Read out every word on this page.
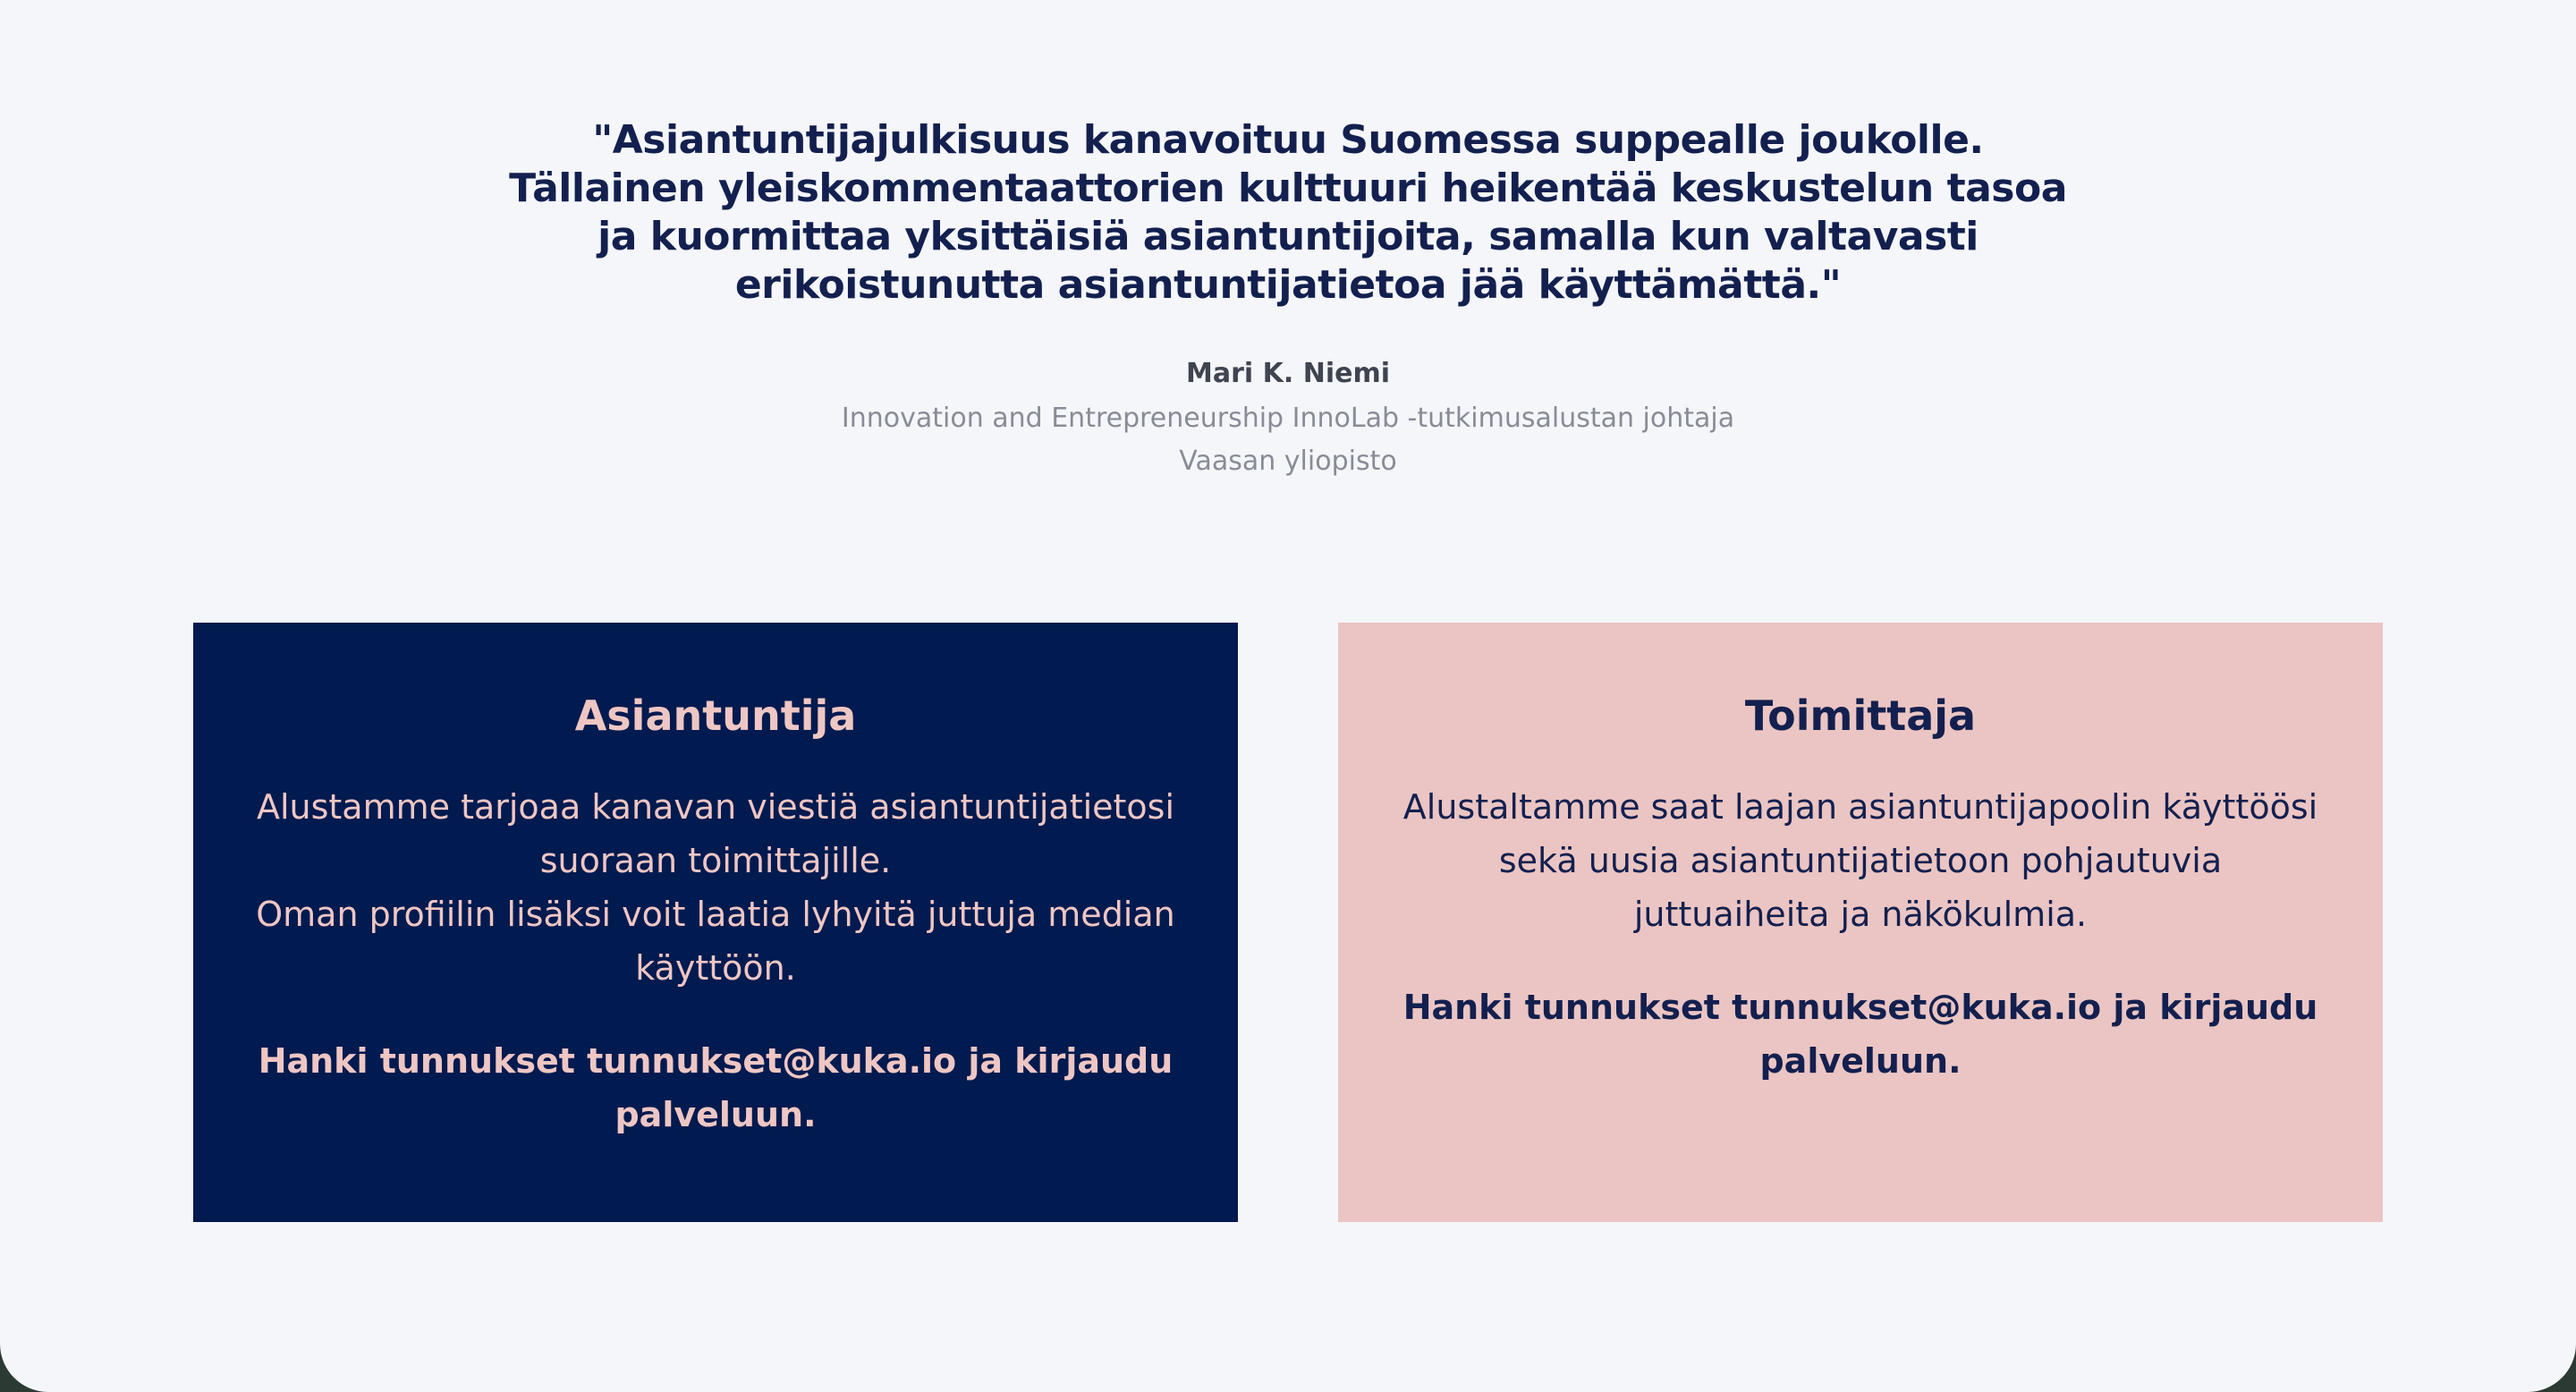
"Asiantuntijajulkisuus kanavoituu Suomessa suppealle joukolle. Tällainen yleiskommentaattorien kulttuuri heikentää keskustelun tasoa ja kuormittaa yksittäisiä asiantuntijoita, samalla kun valtavasti erikoistunutta asiantuntijatietoa jää käyttämättä."
Mari K. Niemi
Innovation and Entrepreneurship InnoLab -tutkimusalustan johtaja
Vaasan yliopisto
Asiantuntija

Alustamme tarjoaa kanavan viestiä asiantuntijatietosi suoraan toimittajille.

Oman profiilin lisäksi voit laatia lyhyitä juttuja median käyttöön.

Hanki tunnukset tunnukset@kuka.io ja kirjaudu palveluun.
Toimittaja

Alustaltamme saat laajan asiantuntijapoolin käyttöösi sekä uusia asiantuntijatietoon pohjautuvia juttuaiheita ja näkökulmia.

Hanki tunnukset tunnukset@kuka.io ja kirjaudu palveluun.
